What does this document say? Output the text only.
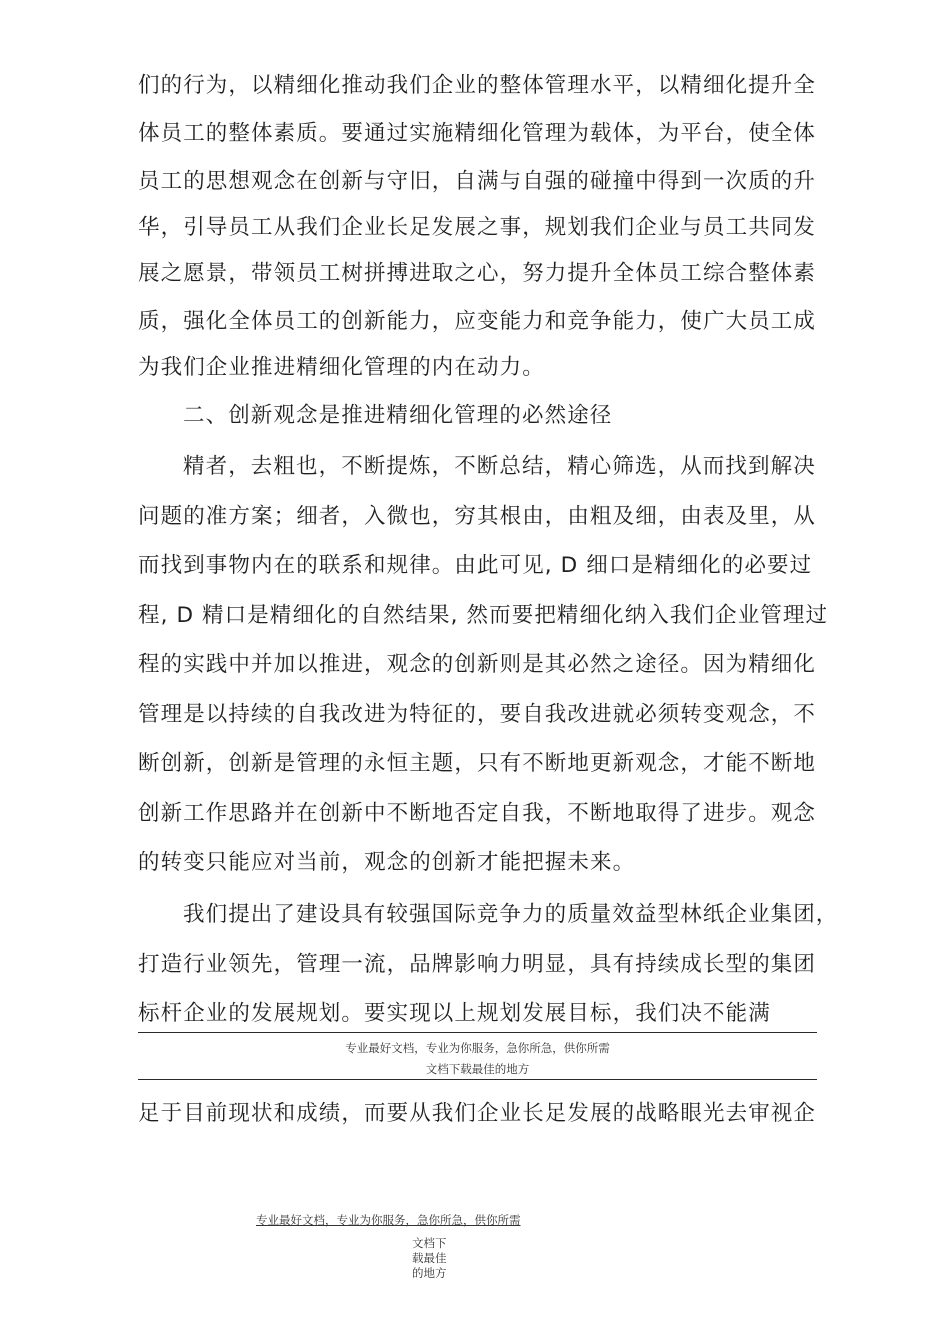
们的行为，以精细化推动我们企业的整体管理水平，以精细化提升全
体员工的整体素质。要通过实施精细化管理为载体，为平台，使全体
员工的思想观念在创新与守旧，自满与自强的碰撞中得到一次质的升
华，引导员工从我们企业长足发展之事，规划我们企业与员工共同发
展之愿景，带领员工树拼搏进取之心，努力提升全体员工综合整体素
质，强化全体员工的创新能力，应变能力和竞争能力，使广大员工成
为我们企业推进精细化管理的内在动力。
二、创新观念是推进精细化管理的必然途径
精者，去粗也，不断提炼，不断总结，精心筛选，从而找到解决
问题的准方案；细者，入微也，穷其根由，由粗及细，由表及里，从
而找到事物内在的联系和规律。由此可见, D 细口是精细化的必要过
程, D 精口是精细化的自然结果, 然而要把精细化纳入我们企业管理过
程的实践中并加以推进，观念的创新则是其必然之途径。因为精细化
管理是以持续的自我改进为特征的，要自我改进就必须转变观念，不
断创新，创新是管理的永恒主题，只有不断地更新观念，才能不断地
创新工作思路并在创新中不断地否定自我，不断地取得了进步。观念
的转变只能应对当前，观念的创新才能把握未来。
我们提出了建设具有较强国际竞争力的质量效益型林纸企业集团，
打造行业领先，管理一流，品牌影响力明显，具有持续成长型的集团
标杆企业的发展规划。要实现以上规划发展目标，我们决不能满
专业最好文档，专业为你服务，急你所急，供你所需
文档下载最佳的地方
足于目前现状和成绩，而要从我们企业长足发展的战略眼光去审视企
专业最好文档，专业为你服务，急你所急，供你所需
文档下
载最佳
的地方
